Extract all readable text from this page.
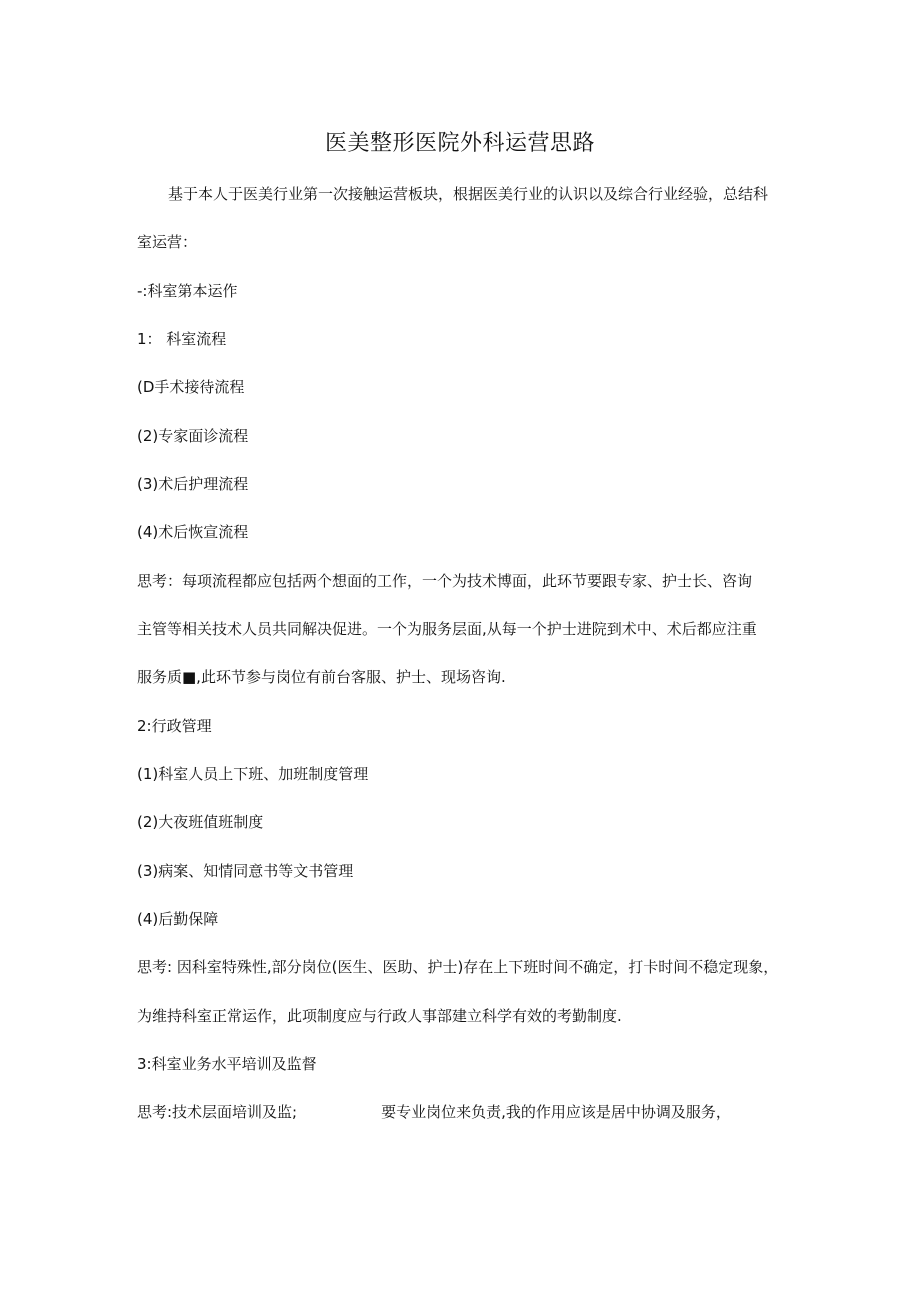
医美整形医院外科运营思路
基于本人于医美行业第一次接触运营板块，根据医美行业的认识以及综合行业经验，总结科
室运营：
-:科室第本运作
1： 科室流程
(D手术接待流程
(2)专家面诊流程
(3)术后护理流程
(4)术后恢宣流程
思考：每项流程都应包括两个想面的工作，一个为技术博面，此环节要跟专家、护士长、咨询
主管等相关技术人员共同解决促进。一个为服务层面,从每一个护士进院到术中、术后都应注重
服务质■,此环节参与岗位有前台客服、护士、现场咨询.
2:行政管理
(1)科室人员上下班、加班制度管理
(2)大夜班值班制度
(3)病案、知情同意书等文书管理
(4)后勤保障
思考: 因科室特殊性,部分岗位(医生、医助、护士)存在上下班时间不确定，打卡时间不稳定现象，
为维持科室正常运作，此项制度应与行政人事部建立科学有效的考勤制度.
3:科室业务水平培训及监督
思考:技术层面培训及监;	要专业岗位来负责,我的作用应该是居中协调及服务，
